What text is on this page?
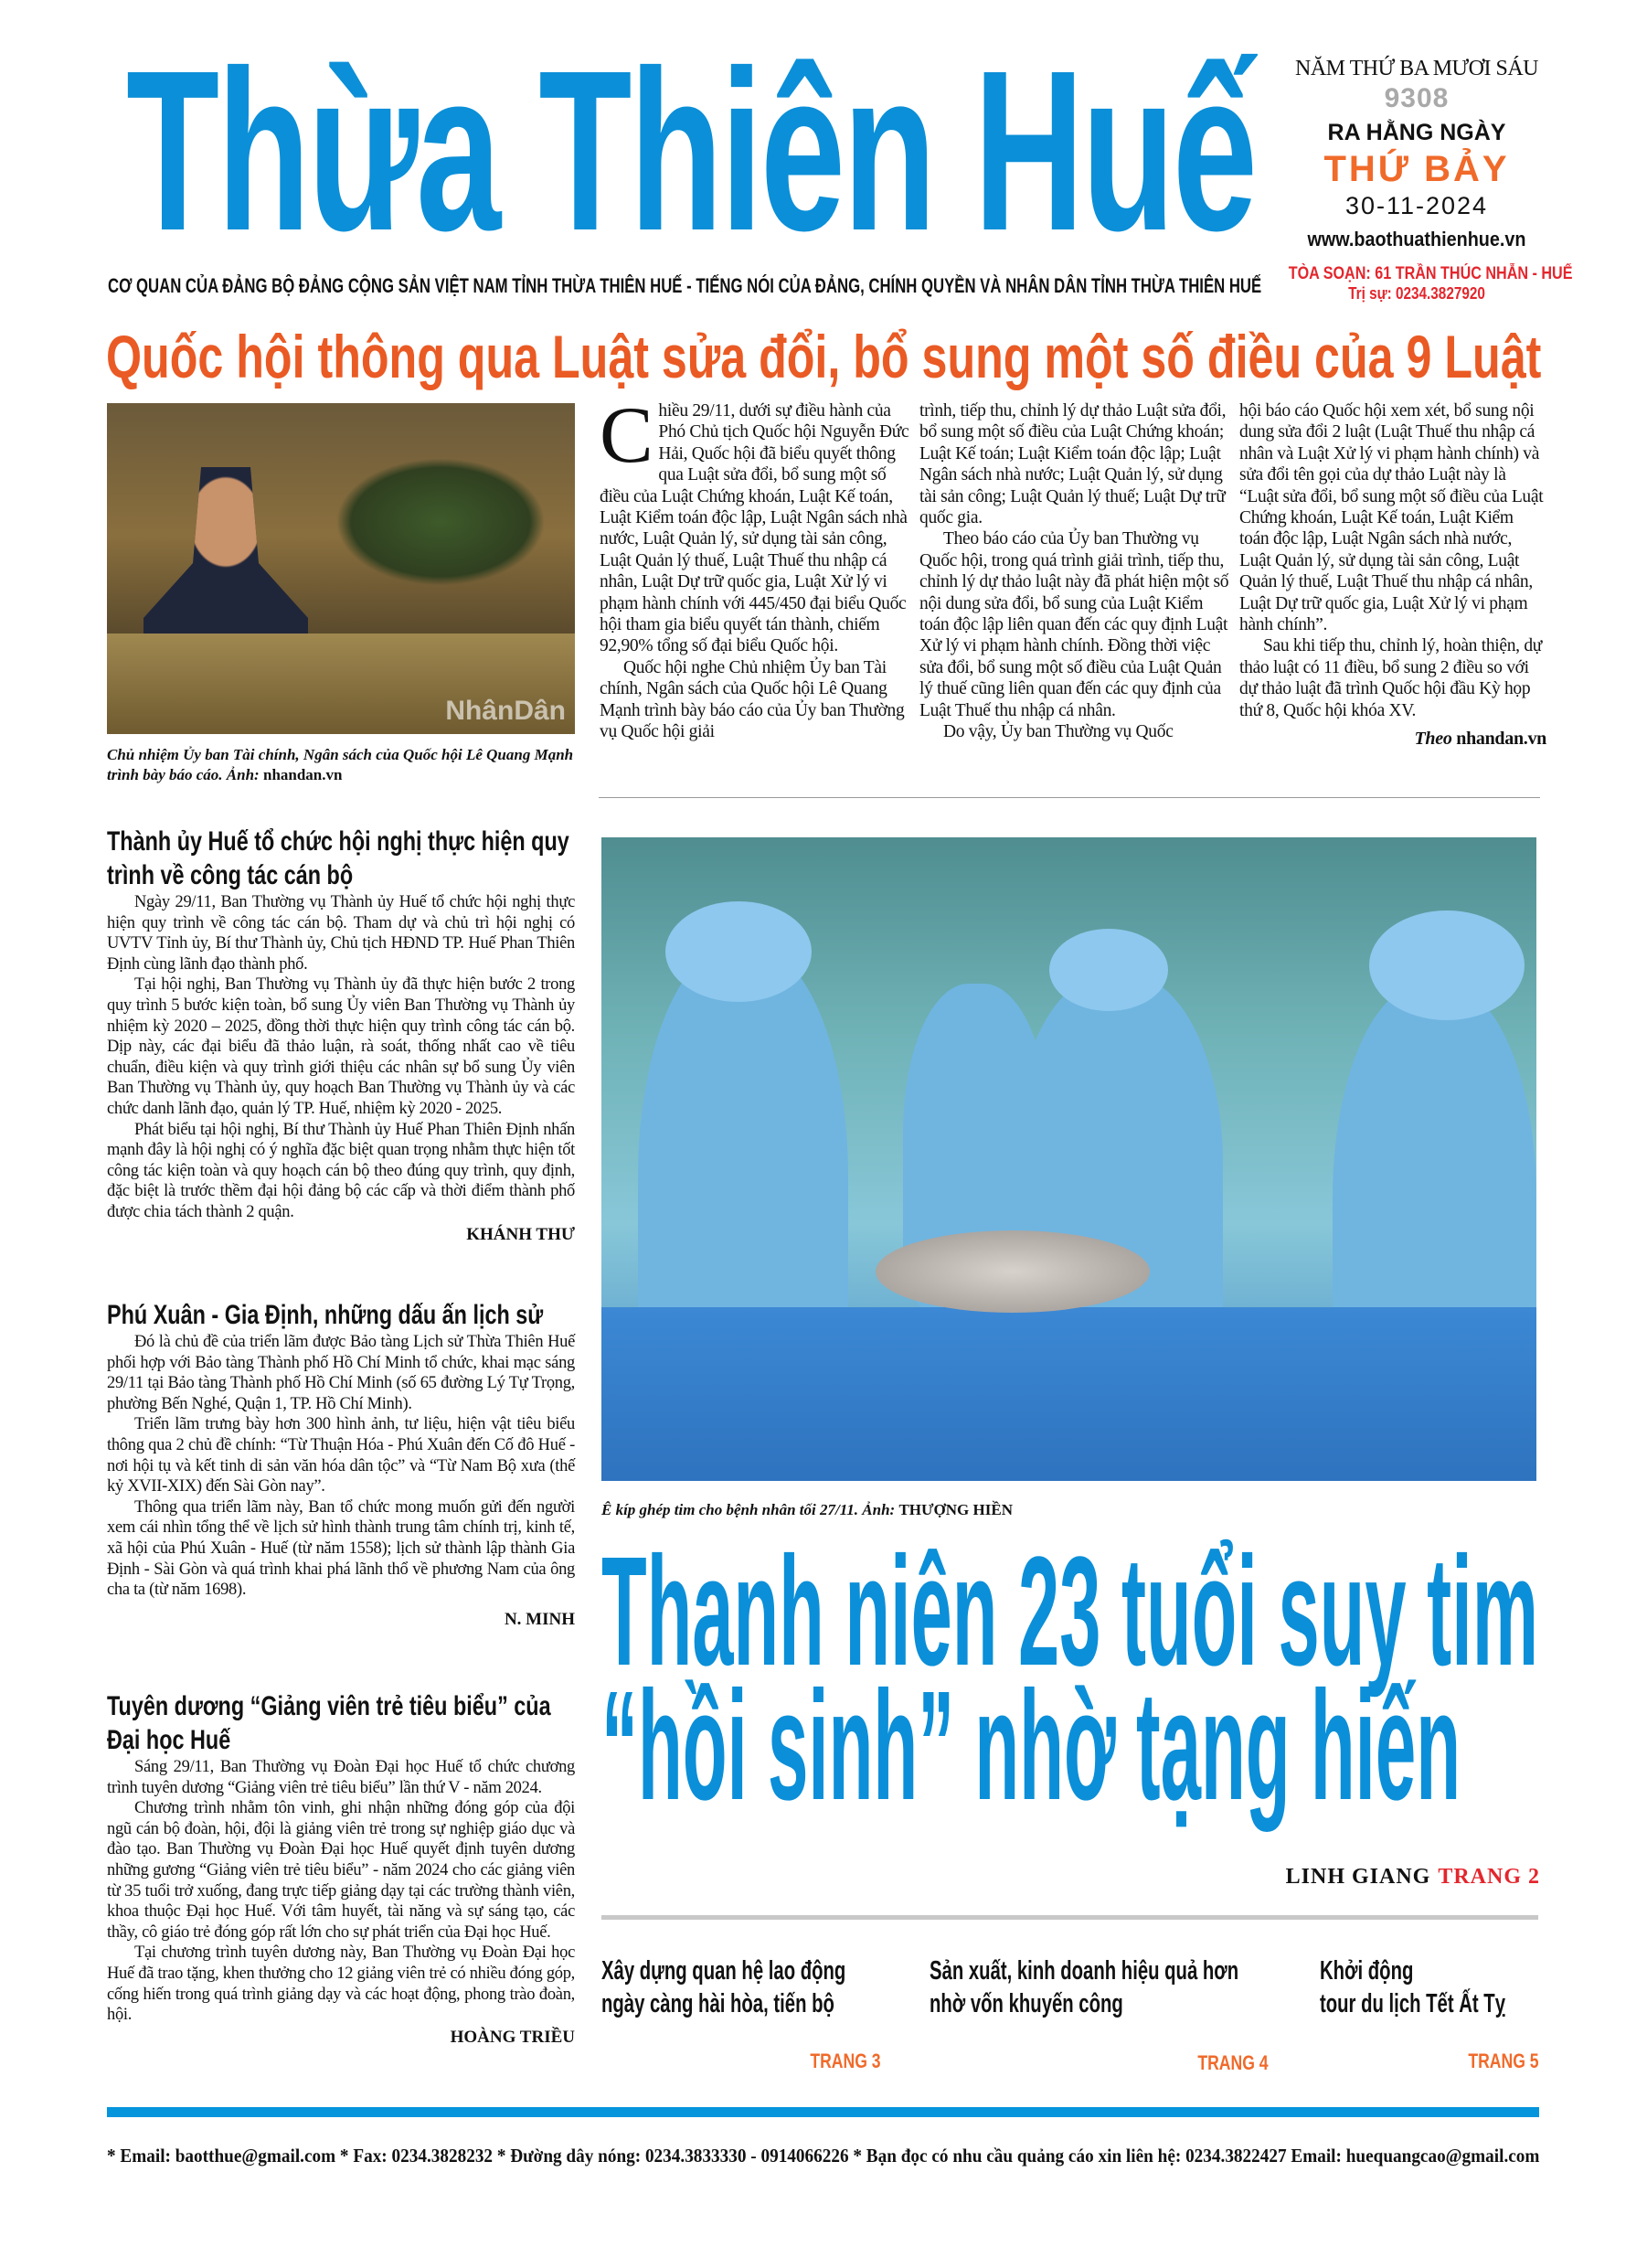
Thừa Thiên Huế	NĂM THỨ BA MƯƠI SÁU
9308
RA HẰNG NGÀY
THỨ BẢY
30-11-2024
www.baothuathienhue.vn
TÒA SOẠN: 61 TRẦN THÚC NHẪN - HUẾ
Trị sự: 0234.3827920
CƠ QUAN CỦA ĐẢNG BỘ ĐẢNG CỘNG SẢN VIỆT NAM TỈNH THỪA THIÊN HUẾ - TIẾNG NÓI CỦA ĐẢNG, CHÍNH QUYỀN VÀ NHÂN DÂN TỈNH THỪA THIÊN HUẾ
Quốc hội thông qua Luật sửa đổi, bổ sung một số điều của 9 Luật
NhânDân
Chủ nhiệm Ủy ban Tài chính, Ngân sách của Quốc hội Lê Quang Mạnh trình bày báo cáo. Ảnh: nhandan.vn

Chiều 29/11, dưới sự điều hành của Phó Chủ tịch Quốc hội Nguyễn Đức Hải, Quốc hội đã biểu quyết thông qua Luật sửa đổi, bổ sung một số điều của Luật Chứng khoán, Luật Kế toán, Luật Kiểm toán độc lập, Luật Ngân sách nhà nước, Luật Quản lý, sử dụng tài sản công, Luật Quản lý thuế, Luật Thuế thu nhập cá nhân, Luật Dự trữ quốc gia, Luật Xử lý vi phạm hành chính với 445/450 đại biểu Quốc hội tham gia biểu quyết tán thành, chiếm 92,90% tổng số đại biểu Quốc hội.

Quốc hội nghe Chủ nhiệm Ủy ban Tài chính, Ngân sách của Quốc hội Lê Quang Mạnh trình bày báo cáo của Ủy ban Thường vụ Quốc hội giải

trình, tiếp thu, chỉnh lý dự thảo Luật sửa đổi, bổ sung một số điều của Luật Chứng khoán; Luật Kế toán; Luật Kiểm toán độc lập; Luật Ngân sách nhà nước; Luật Quản lý, sử dụng tài sản công; Luật Quản lý thuế; Luật Dự trữ quốc gia.

Theo báo cáo của Ủy ban Thường vụ Quốc hội, trong quá trình giải trình, tiếp thu, chỉnh lý dự thảo luật này đã phát hiện một số nội dung sửa đổi, bổ sung của Luật Kiểm toán độc lập liên quan đến các quy định Luật Xử lý vi phạm hành chính. Đồng thời việc sửa đổi, bổ sung một số điều của Luật Quản lý thuế cũng liên quan đến các quy định của Luật Thuế thu nhập cá nhân.

Do vậy, Ủy ban Thường vụ Quốc

hội báo cáo Quốc hội xem xét, bổ sung nội dung sửa đổi 2 luật (Luật Thuế thu nhập cá nhân và Luật Xử lý vi phạm hành chính) và sửa đổi tên gọi của dự thảo Luật này là “Luật sửa đổi, bổ sung một số điều của Luật Chứng khoán, Luật Kế toán, Luật Kiểm toán độc lập, Luật Ngân sách nhà nước, Luật Quản lý, sử dụng tài sản công, Luật Quản lý thuế, Luật Thuế thu nhập cá nhân, Luật Dự trữ quốc gia, Luật Xử lý vi phạm hành chính”.

Sau khi tiếp thu, chỉnh lý, hoàn thiện, dự thảo luật có 11 điều, bổ sung 2 điều so với dự thảo luật đã trình Quốc hội đầu Kỳ họp thứ 8, Quốc hội khóa XV.

Theo nhandan.vn
Thành ủy Huế tổ chức hội nghị thực hiện quy trình về công tác cán bộ

Ngày 29/11, Ban Thường vụ Thành ủy Huế tổ chức hội nghị thực hiện quy trình về công tác cán bộ. Tham dự và chủ trì hội nghị có UVTV Tỉnh ủy, Bí thư Thành ủy, Chủ tịch HĐND TP. Huế Phan Thiên Định cùng lãnh đạo thành phố.

Tại hội nghị, Ban Thường vụ Thành ủy đã thực hiện bước 2 trong quy trình 5 bước kiện toàn, bổ sung Ủy viên Ban Thường vụ Thành ủy nhiệm kỳ 2020 – 2025, đồng thời thực hiện quy trình công tác cán bộ. Dịp này, các đại biểu đã thảo luận, rà soát, thống nhất cao về tiêu chuẩn, điều kiện và quy trình giới thiệu các nhân sự bổ sung Ủy viên Ban Thường vụ Thành ủy, quy hoạch Ban Thường vụ Thành ủy và các chức danh lãnh đạo, quản lý TP. Huế, nhiệm kỳ 2020 - 2025.

Phát biểu tại hội nghị, Bí thư Thành ủy Huế Phan Thiên Định nhấn mạnh đây là hội nghị có ý nghĩa đặc biệt quan trọng nhằm thực hiện tốt công tác kiện toàn và quy hoạch cán bộ theo đúng quy trình, quy định, đặc biệt là trước thềm đại hội đảng bộ các cấp và thời điểm thành phố được chia tách thành 2 quận.

KHÁNH THƯ
Phú Xuân - Gia Định, những dấu ấn lịch sử

Đó là chủ đề của triển lãm được Bảo tàng Lịch sử Thừa Thiên Huế phối hợp với Bảo tàng Thành phố Hồ Chí Minh tổ chức, khai mạc sáng 29/11 tại Bảo tàng Thành phố Hồ Chí Minh (số 65 đường Lý Tự Trọng, phường Bến Nghé, Quận 1, TP. Hồ Chí Minh).

Triển lãm trưng bày hơn 300 hình ảnh, tư liệu, hiện vật tiêu biểu thông qua 2 chủ đề chính: “Từ Thuận Hóa - Phú Xuân đến Cố đô Huế - nơi hội tụ và kết tinh di sản văn hóa dân tộc” và “Từ Nam Bộ xưa (thế kỷ XVII-XIX) đến Sài Gòn nay”.

Thông qua triển lãm này, Ban tổ chức mong muốn gửi đến người xem cái nhìn tổng thể về lịch sử hình thành trung tâm chính trị, kinh tế, xã hội của Phú Xuân - Huế (từ năm 1558); lịch sử thành lập thành Gia Định - Sài Gòn và quá trình khai phá lãnh thổ về phương Nam của ông cha ta (từ năm 1698).

N. MINH
Tuyên dương “Giảng viên trẻ tiêu biểu” của Đại học Huế

Sáng 29/11, Ban Thường vụ Đoàn Đại học Huế tổ chức chương trình tuyên dương “Giảng viên trẻ tiêu biểu” lần thứ V - năm 2024.

Chương trình nhằm tôn vinh, ghi nhận những đóng góp của đội ngũ cán bộ đoàn, hội, đội là giảng viên trẻ trong sự nghiệp giáo dục và đào tạo. Ban Thường vụ Đoàn Đại học Huế quyết định tuyên dương những gương “Giảng viên trẻ tiêu biểu” - năm 2024 cho các giảng viên từ 35 tuổi trở xuống, đang trực tiếp giảng dạy tại các trường thành viên, khoa thuộc Đại học Huế. Với tâm huyết, tài năng và sự sáng tạo, các thầy, cô giáo trẻ đóng góp rất lớn cho sự phát triển của Đại học Huế.

Tại chương trình tuyên dương này, Ban Thường vụ Đoàn Đại học Huế đã trao tặng, khen thưởng cho 12 giảng viên trẻ có nhiều đóng góp, cống hiến trong quá trình giảng dạy và các hoạt động, phong trào đoàn, hội.

HOÀNG TRIỀU
Ê kíp ghép tim cho bệnh nhân tối 27/11. Ảnh: THƯỢNG HIỀN
Thanh niên 23 tuổi suy tim
“hồi sinh” nhờ tạng hiến
LINH GIANG TRANG 2
Xây dựng quan hệ lao động
ngày càng hài hòa, tiến bộ
TRANG 3
Sản xuất, kinh doanh hiệu quả hơn
nhờ vốn khuyến công
TRANG 4
Khởi động
tour du lịch Tết Ất Tỵ
TRANG 5
* Email: baotthue@gmail.com * Fax: 0234.3828232 * Đường dây nóng: 0234.3833330 - 0914066226 * Bạn đọc có nhu cầu quảng cáo xin liên hệ: 0234.3822427 Email: huequangcao@gmail.com
